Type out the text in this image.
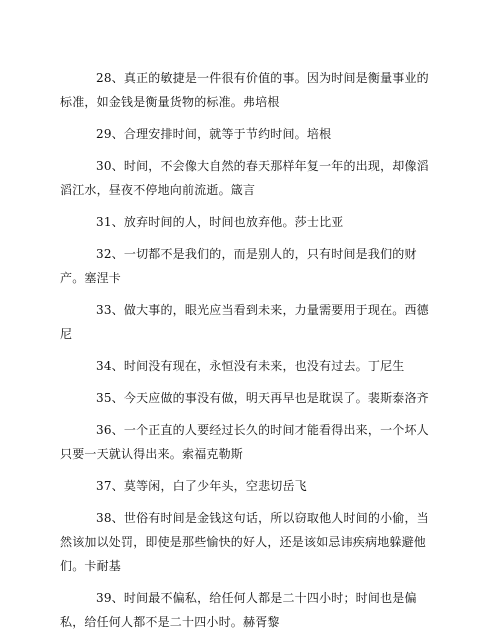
28、真正的敏捷是一件很有价值的事。因为时间是衡量事业的标准，如金钱是衡量货物的标准。弗培根

29、合理安排时间，就等于节约时间。培根

30、时间，不会像大自然的春天那样年复一年的出现，却像滔 滔江水，昼夜不停地向前流逝。箴言

31、放弃时间的人，时间也放弃他。莎士比亚

32、一切都不是我们的，而是别人的，只有时间是我们的财产。塞涅卡

33、做大事的，眼光应当看到未来，力量需要用于现在。西德 尼

34、时间没有现在，永恒没有未来，也没有过去。丁尼生

35、今天应做的事没有做，明天再早也是耽误了。裴斯泰洛齐

36、一个正直的人要经过长久的时间才能看得出来，一个坏人 只要一天就认得出来。索福克勒斯

37、莫等闲，白了少年头，空悲切岳飞

38、世俗有时间是金钱这句话，所以窃取他人时间的小偷，当然该加以处罚，即使是那些愉快的好人，还是该如忌讳疾病地躲避他们。卡耐基

39、时间最不偏私，给任何人都是二十四小时；时间也是偏私，给任何人都不是二十四小时。赫胥黎
